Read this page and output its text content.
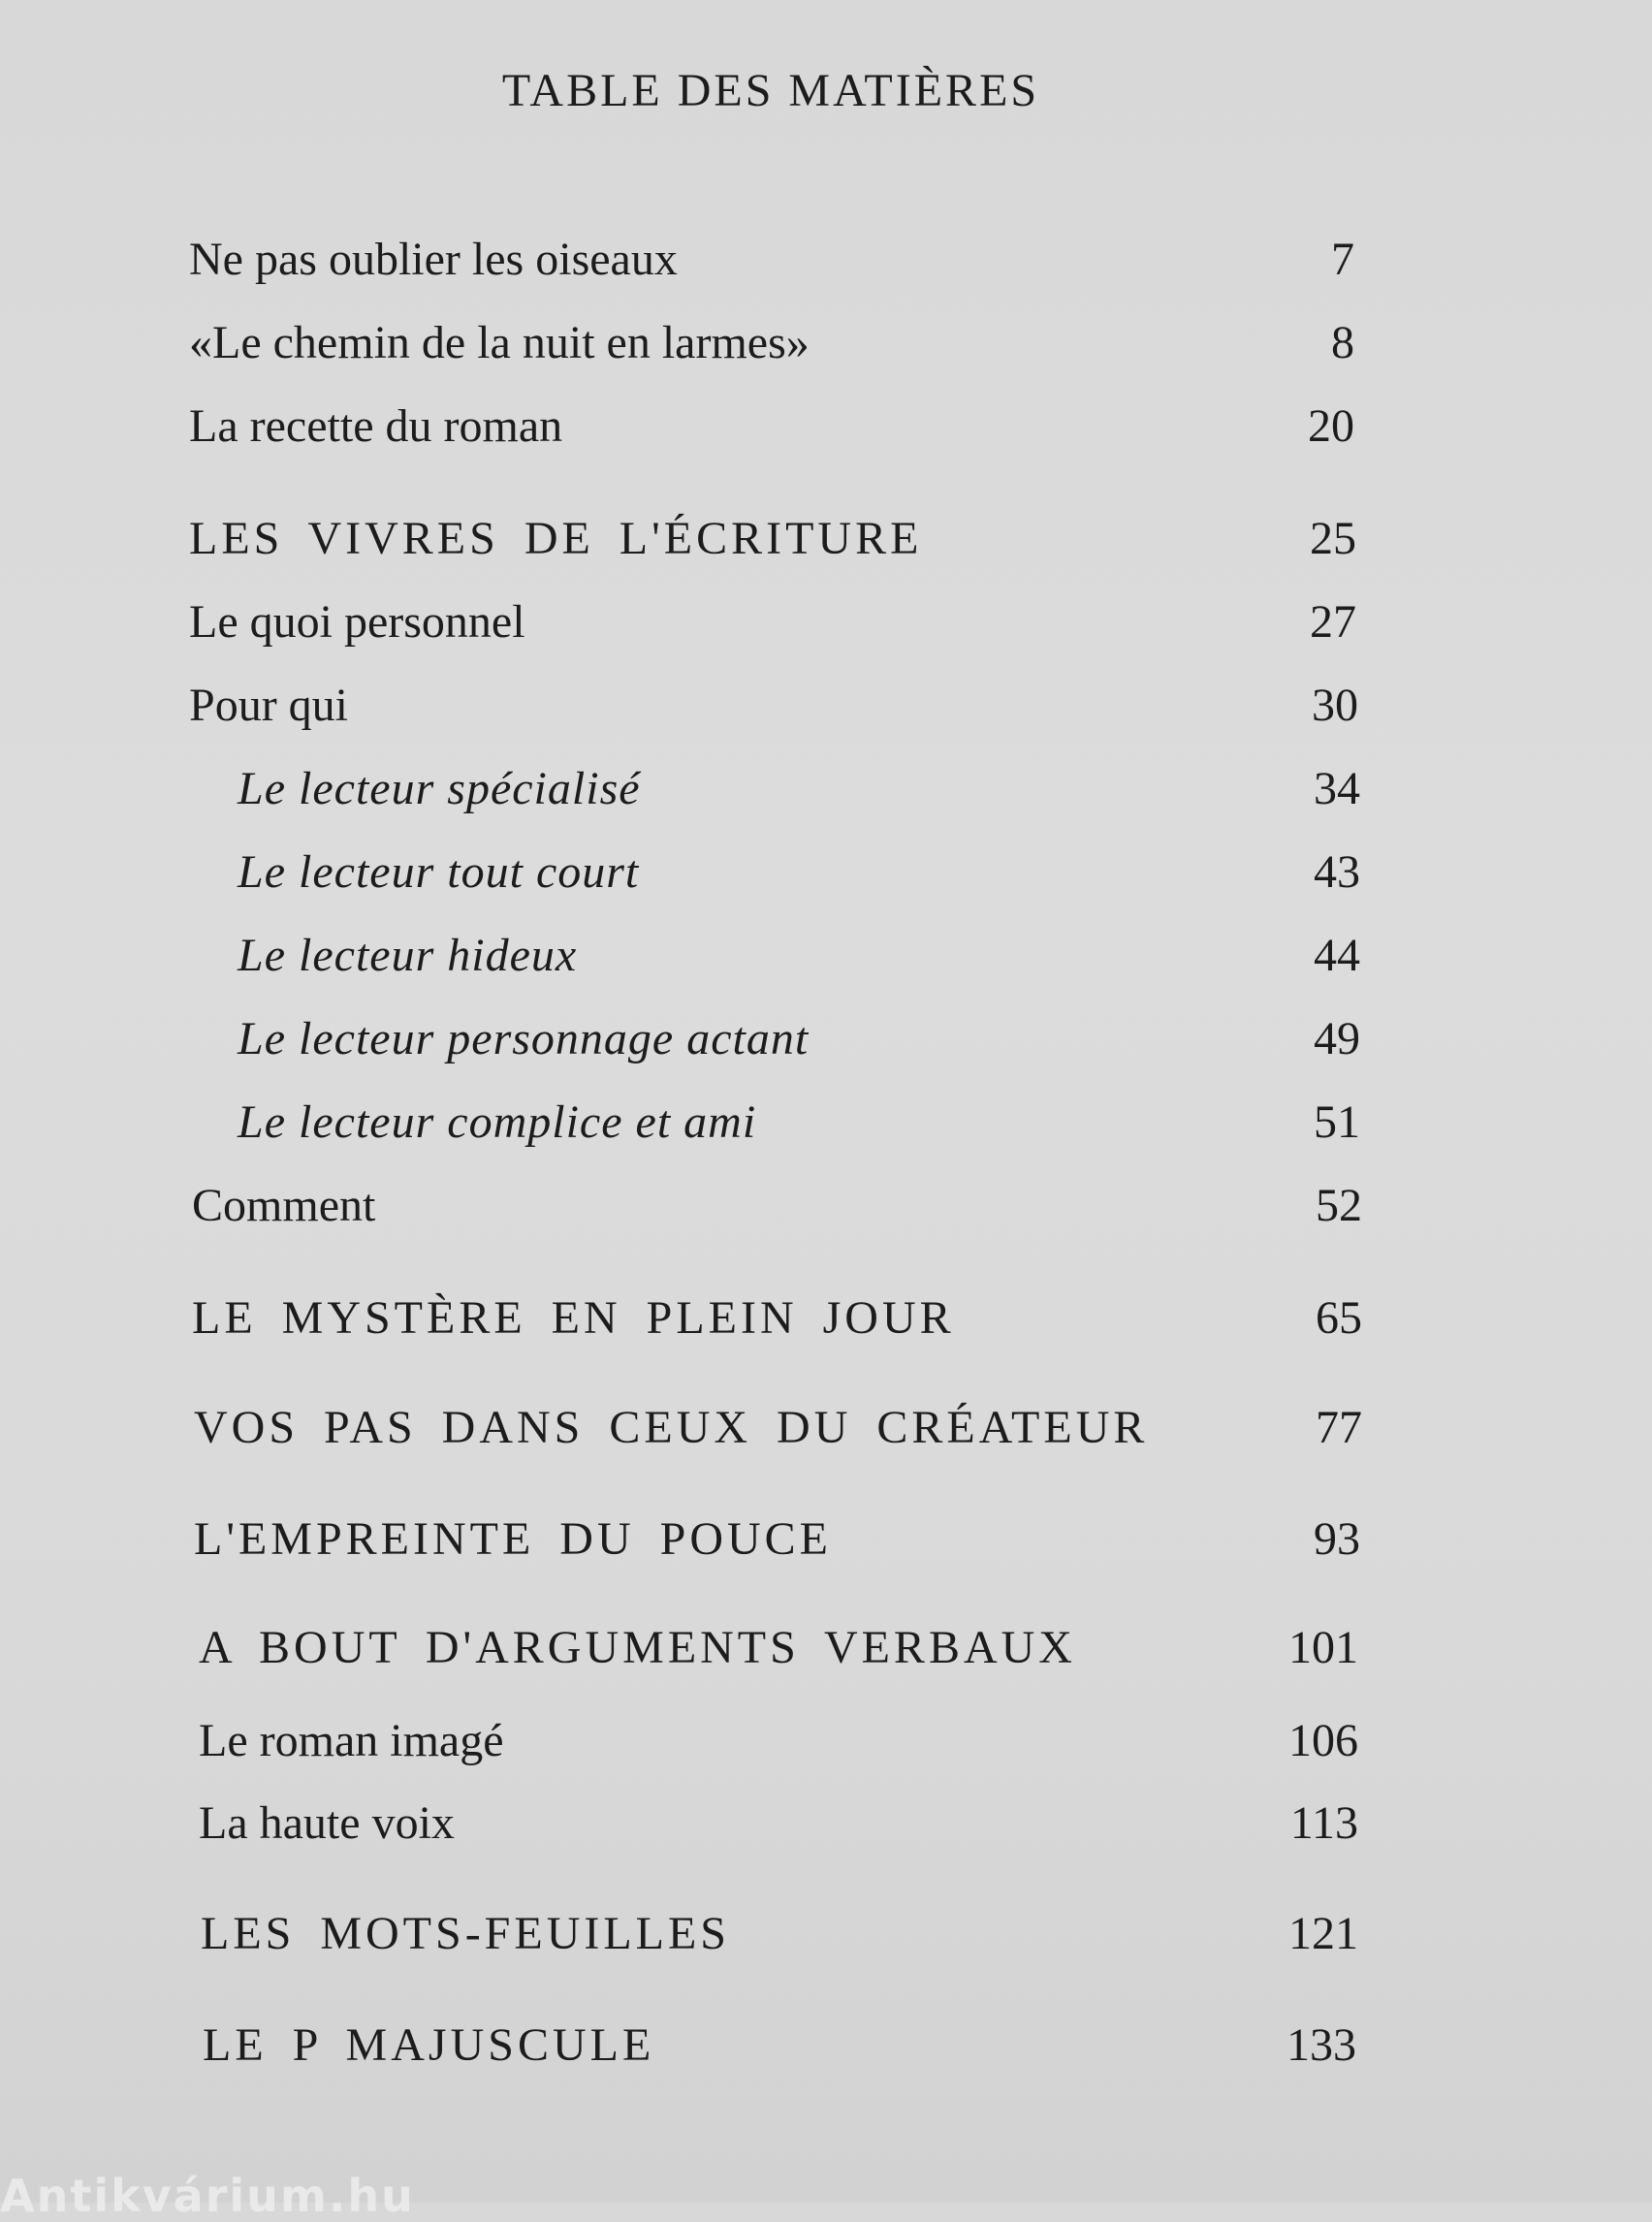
TABLE DES MATIÈRES
Ne pas oublier les oiseaux	7
«Le chemin de la nuit en larmes»	8
La recette du roman	20
LES VIVRES DE L'ÉCRITURE	25
Le quoi personnel	27
Pour qui	30
Le lecteur spécialisé	34
Le lecteur tout court	43
Le lecteur hideux	44
Le lecteur personnage actant	49
Le lecteur complice et ami	51
Comment	52
LE MYSTÈRE EN PLEIN JOUR	65
VOS PAS DANS CEUX DU CRÉATEUR	77
L'EMPREINTE DU POUCE	93
A BOUT D'ARGUMENTS VERBAUX	101
Le roman imagé	106
La haute voix	113
LES MOTS-FEUILLES	121
LE P MAJUSCULE	133
Antikvárium.hu
